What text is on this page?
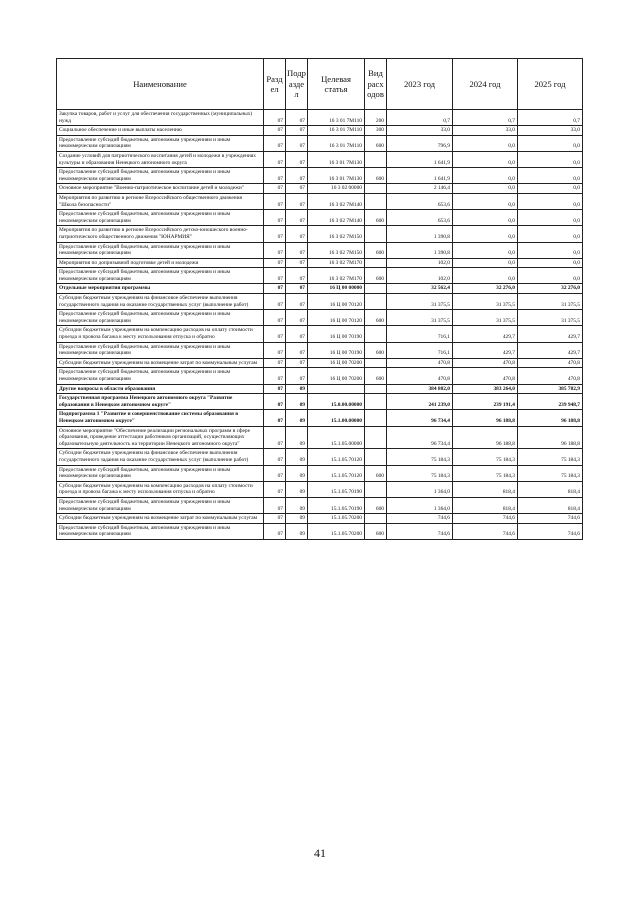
Наименование	Разд ел	Подр азде л	Целевая статья	Вид расх одов	2023 год	2024 год	2025 год
Закупка товаров, работ и услуг для обеспечения государственных (муниципальных) нужд	07	07	16 3 01 7М110	200	0,7	0,7	0,7
Социальное обеспечение и иные выплаты населению	07	07	16 3 01 7М110	300	33,0	33,0	33,0
Предоставление субсидий бюджетным, автономным учреждениям и иным некоммерческим организациям	07	07	16 3 01 7М110	600	796,9	0,0	0,0
Создание условий для патриотического воспитания детей и молодежи в учреждениях культуры и образования Ненецкого автономного округа	07	07	16 3 01 7М130		1 641,9	0,0	0,0
Предоставление субсидий бюджетным, автономным учреждениям и иным некоммерческим организациям	07	07	16 3 01 7М130	600	1 641,9	0,0	0,0
Основное мероприятие "Военно-патриотическое воспитание детей и молодежи"	07	07	16 3 02 00000		2 146,4	0,0	0,0
Мероприятия по развитию в регионе Всероссийского общественного движения "Школа безопасности"	07	07	16 3 02 7М140		653,6	0,0	0,0
Предоставление субсидий бюджетным, автономным учреждениям и иным некоммерческим организациям	07	07	16 3 02 7М140	600	653,6	0,0	0,0
Мероприятия по развитию в регионе Всероссийского детско-юношеского военно-патриотического общественного движения "ЮНАРМИЯ"	07	07	16 3 02 7М150		1 390,8	0,0	0,0
Предоставление субсидий бюджетным, автономным учреждениям и иным некоммерческим организациям	07	07	16 3 02 7М150	600	1 390,8	0,0	0,0
Мероприятия по допризывной подготовке детей и молодежи	07	07	16 3 02 7М170		102,0	0,0	0,0
Предоставление субсидий бюджетным, автономным учреждениям и иным некоммерческим организациям	07	07	16 3 02 7М170	600	102,0	0,0	0,0
Отдельные мероприятия программы	07	07	16 Ц 00 00000		32 562,4	32 276,0	32 276,0
Субсидии бюджетным учреждениям на финансовое обеспечение выполнения государственного задания на оказание государственных услуг (выполнение работ)	07	07	16 Ц 00 70120		31 375,5	31 375,5	31 375,5
Предоставление субсидий бюджетным, автономным учреждениям и иным некоммерческим организациям	07	07	16 Ц 00 70120	600	31 375,5	31 375,5	31 375,5
Субсидии бюджетным учреждениям на компенсацию расходов на оплату стоимости проезда и провоза багажа к месту использования отпуска и обратно	07	07	16 Ц 00 70190		716,1	429,7	429,7
Предоставление субсидий бюджетным, автономным учреждениям и иным некоммерческим организациям	07	07	16 Ц 00 70190	600	716,1	429,7	429,7
Субсидии бюджетным учреждениям на возмещение затрат по коммунальным услугам	07	07	16 Ц 00 70200		470,8	470,8	470,8
Предоставление субсидий бюджетным, автономным учреждениям и иным некоммерческим организациям	07	07	16 Ц 00 70200	600	470,8	470,8	470,8
Другие вопросы в области образования	07	09			384 802,0	383 264,0	385 782,9
Государственная программа Ненецкого автономного округа "Развитие образования в Ненецком автономном округе"	07	09	15.0.00.00000		241 239,0	239 191,4	239 948,7
Подпрограмма 1 "Развитие и совершенствование системы образования в Ненецком автономном округе"	07	09	15.1.00.00000		96 734,4	96 188,8	96 188,8
Основное мероприятие "Обеспечение реализации региональных программ в сфере образования, проведение аттестации работников организаций, осуществляющих образовательную деятельность на территории Ненецкого автономного округа"	07	09	15.1.05.00000		96 734,4	96 188,8	96 188,8
Субсидии бюджетным учреждениям на финансовое обеспечение выполнения государственного задания на оказание государственных услуг (выполнение работ)	07	09	15.1.05.70120		75 184,3	75 184,3	75 184,3
Предоставление субсидий бюджетным, автономным учреждениям и иным некоммерческим организациям	07	09	15.1.05.70120	600	75 184,3	75 184,3	75 184,3
Субсидии бюджетным учреждениям на компенсацию расходов на оплату стоимости проезда и провоза багажа к месту использования отпуска и обратно	07	09	15.1.05.70190		1 364,0	818,4	818,4
Предоставление субсидий бюджетным, автономным учреждениям и иным некоммерческим организациям	07	09	15.1.05.70190	600	1 364,0	818,4	818,4
Субсидии бюджетным учреждениям на возмещение затрат по коммунальным услугам	07	09	15.1.05.70200		744,6	744,6	744,6
Предоставление субсидий бюджетным, автономным учреждениям и иным некоммерческим организациям	07	09	15.1.05.70200	600	744,6	744,6	744,6
41
